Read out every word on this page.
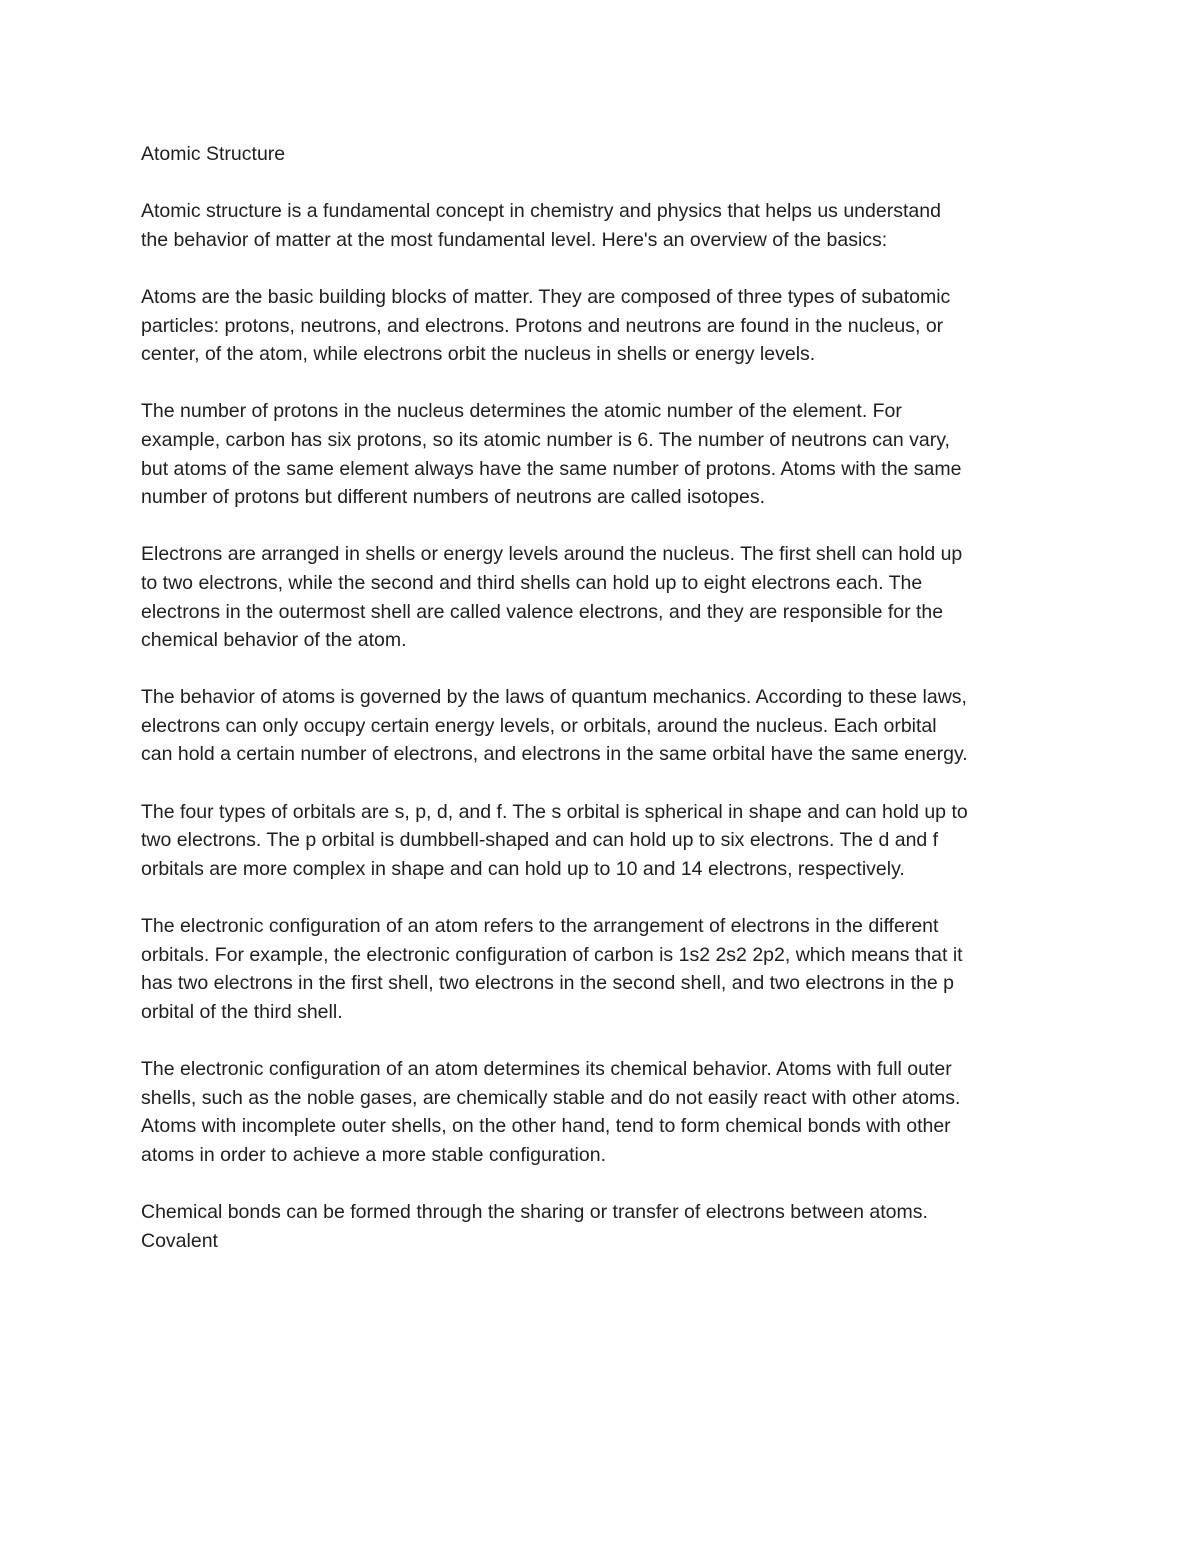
Atomic Structure

Atomic structure is a fundamental concept in chemistry and physics that helps us understand
the behavior of matter at the most fundamental level. Here's an overview of the basics:

Atoms are the basic building blocks of matter. They are composed of three types of subatomic
particles: protons, neutrons, and electrons. Protons and neutrons are found in the nucleus, or
center, of the atom, while electrons orbit the nucleus in shells or energy levels.

The number of protons in the nucleus determines the atomic number of the element. For
example, carbon has six protons, so its atomic number is 6. The number of neutrons can vary,
but atoms of the same element always have the same number of protons. Atoms with the same
number of protons but different numbers of neutrons are called isotopes.

Electrons are arranged in shells or energy levels around the nucleus. The first shell can hold up
to two electrons, while the second and third shells can hold up to eight electrons each. The
electrons in the outermost shell are called valence electrons, and they are responsible for the
chemical behavior of the atom.

The behavior of atoms is governed by the laws of quantum mechanics. According to these laws,
electrons can only occupy certain energy levels, or orbitals, around the nucleus. Each orbital
can hold a certain number of electrons, and electrons in the same orbital have the same energy.

The four types of orbitals are s, p, d, and f. The s orbital is spherical in shape and can hold up to
two electrons. The p orbital is dumbbell-shaped and can hold up to six electrons. The d and f
orbitals are more complex in shape and can hold up to 10 and 14 electrons, respectively.

The electronic configuration of an atom refers to the arrangement of electrons in the different
orbitals. For example, the electronic configuration of carbon is 1s2 2s2 2p2, which means that it
has two electrons in the first shell, two electrons in the second shell, and two electrons in the p
orbital of the third shell.

The electronic configuration of an atom determines its chemical behavior. Atoms with full outer
shells, such as the noble gases, are chemically stable and do not easily react with other atoms.
Atoms with incomplete outer shells, on the other hand, tend to form chemical bonds with other
atoms in order to achieve a more stable configuration.

Chemical bonds can be formed through the sharing or transfer of electrons between atoms.
Covalent
